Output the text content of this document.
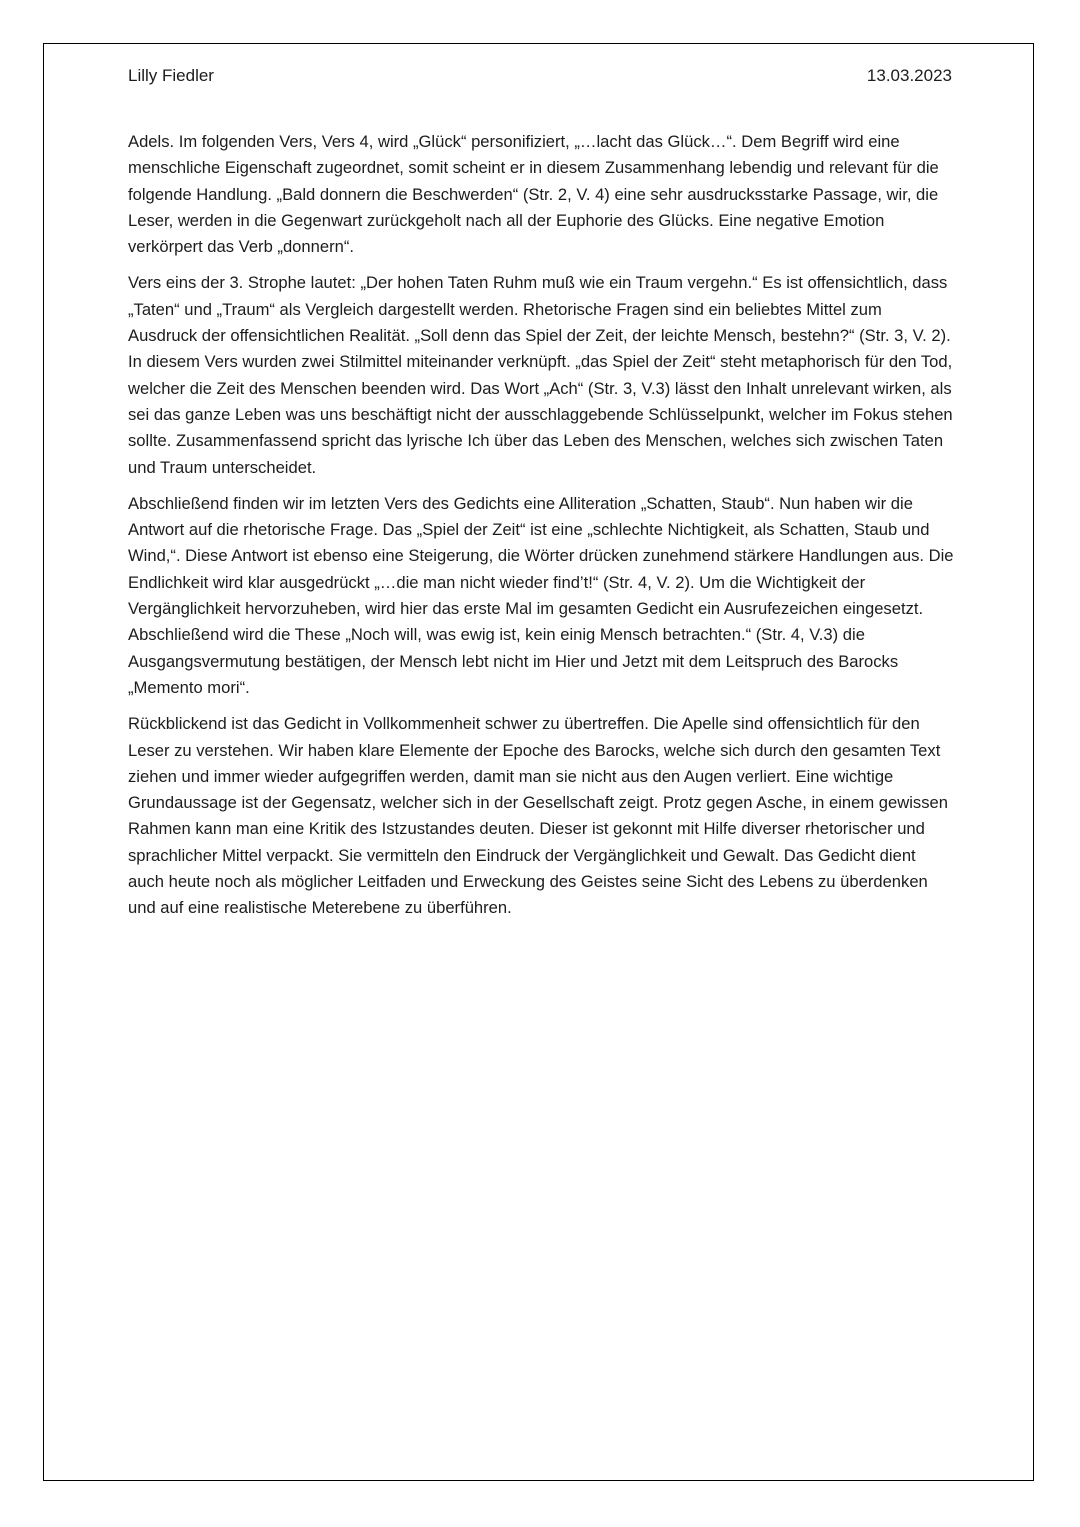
Lilly Fiedler	13.03.2023

Adels. Im folgenden Vers, Vers 4, wird „Glück“ personifiziert, „…lacht das Glück…“. Dem Begriff wird eine menschliche Eigenschaft zugeordnet, somit scheint er in diesem Zusammenhang lebendig und relevant für die folgende Handlung. „Bald donnern die Beschwerden“ (Str. 2, V. 4) eine sehr ausdrucksstarke Passage, wir, die Leser, werden in die Gegenwart zurückgeholt nach all der Euphorie des Glücks. Eine negative Emotion verkörpert das Verb „donnern“.

Vers eins der 3. Strophe lautet: „Der hohen Taten Ruhm muß wie ein Traum vergehn.“ Es ist offensichtlich, dass „Taten“ und „Traum“ als Vergleich dargestellt werden. Rhetorische Fragen sind ein beliebtes Mittel zum Ausdruck der offensichtlichen Realität. „Soll denn das Spiel der Zeit, der leichte Mensch, bestehn?“ (Str. 3, V. 2). In diesem Vers wurden zwei Stilmittel miteinander verknüpft. „das Spiel der Zeit“ steht metaphorisch für den Tod, welcher die Zeit des Menschen beenden wird. Das Wort „Ach“ (Str. 3, V.3) lässt den Inhalt unrelevant wirken, als sei das ganze Leben was uns beschäftigt nicht der ausschlaggebende Schlüsselpunkt, welcher im Fokus stehen sollte. Zusammenfassend spricht das lyrische Ich über das Leben des Menschen, welches sich zwischen Taten und Traum unterscheidet.

Abschließend finden wir im letzten Vers des Gedichts eine Alliteration „Schatten, Staub“. Nun haben wir die Antwort auf die rhetorische Frage. Das „Spiel der Zeit“ ist eine „schlechte Nichtigkeit, als Schatten, Staub und Wind,“. Diese Antwort ist ebenso eine Steigerung, die Wörter drücken zunehmend stärkere Handlungen aus. Die Endlichkeit wird klar ausgedrückt „…die man nicht wieder find’t!“ (Str. 4, V. 2). Um die Wichtigkeit der Vergänglichkeit hervorzuheben, wird hier das erste Mal im gesamten Gedicht ein Ausrufezeichen eingesetzt. Abschließend wird die These „Noch will, was ewig ist, kein einig Mensch betrachten.“ (Str. 4, V.3) die Ausgangsvermutung bestätigen, der Mensch lebt nicht im Hier und Jetzt mit dem Leitspruch des Barocks „Memento mori“.

Rückblickend ist das Gedicht in Vollkommenheit schwer zu übertreffen. Die Apelle sind offensichtlich für den Leser zu verstehen. Wir haben klare Elemente der Epoche des Barocks, welche sich durch den gesamten Text ziehen und immer wieder aufgegriffen werden, damit man sie nicht aus den Augen verliert. Eine wichtige Grundaussage ist der Gegensatz, welcher sich in der Gesellschaft zeigt. Protz gegen Asche, in einem gewissen Rahmen kann man eine Kritik des Istzustandes deuten. Dieser ist gekonnt mit Hilfe diverser rhetorischer und sprachlicher Mittel verpackt. Sie vermitteln den Eindruck der Vergänglichkeit und Gewalt. Das Gedicht dient auch heute noch als möglicher Leitfaden und Erweckung des Geistes seine Sicht des Lebens zu überdenken und auf eine realistische Meterebene zu überführen.
